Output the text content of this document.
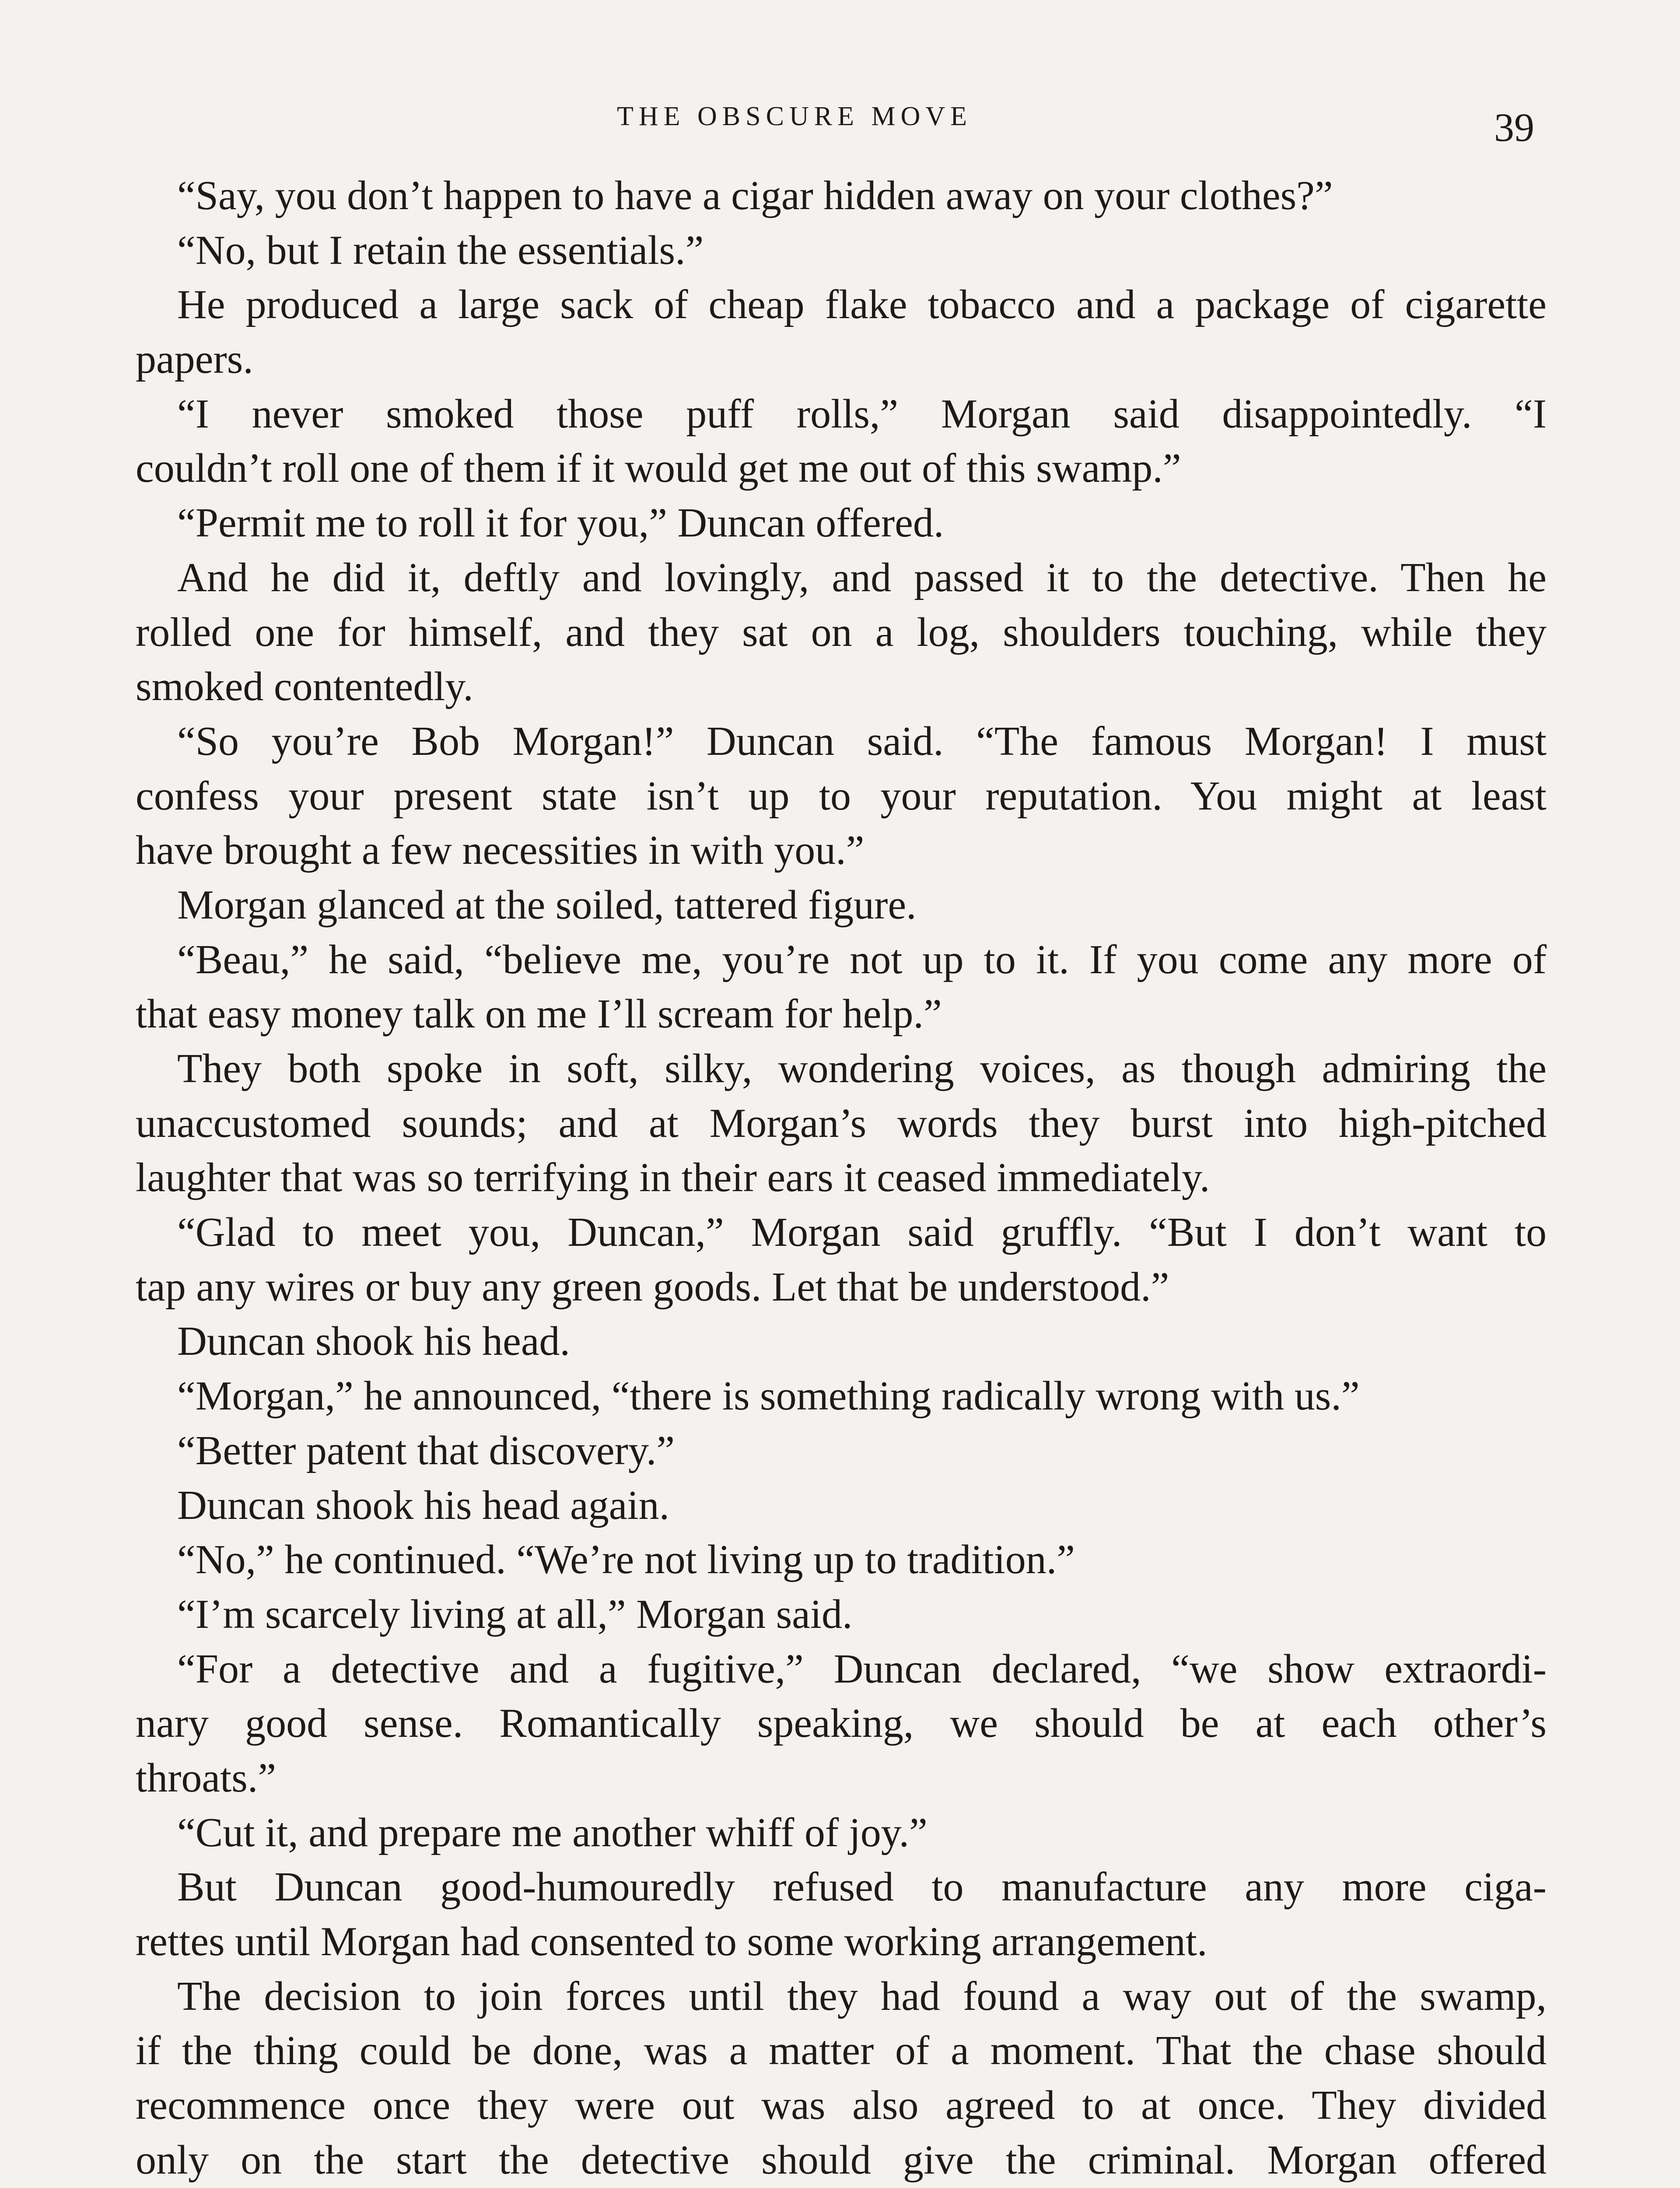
THE OBSCURE MOVE	39
“Say, you don’t happen to have a cigar hidden away on your clothes?”
“No, but I retain the essentials.”
He produced a large sack of cheap flake tobacco and a package of cigarette
papers.
“I never smoked those puff rolls,” Morgan said disappointedly. “I
couldn’t roll one of them if it would get me out of this swamp.”
“Permit me to roll it for you,” Duncan offered.
And he did it, deftly and lovingly, and passed it to the detective. Then he
rolled one for himself, and they sat on a log, shoulders touching, while they
smoked contentedly.
“So you’re Bob Morgan!” Duncan said. “The famous Morgan! I must
confess your present state isn’t up to your reputation. You might at least
have brought a few necessities in with you.”
Morgan glanced at the soiled, tattered figure.
“Beau,” he said, “believe me, you’re not up to it. If you come any more of
that easy money talk on me I’ll scream for help.”
They both spoke in soft, silky, wondering voices, as though admiring the
unaccustomed sounds; and at Morgan’s words they burst into high-pitched
laughter that was so terrifying in their ears it ceased immediately.
“Glad to meet you, Duncan,” Morgan said gruffly. “But I don’t want to
tap any wires or buy any green goods. Let that be understood.”
Duncan shook his head.
“Morgan,” he announced, “there is something radically wrong with us.”
“Better patent that discovery.”
Duncan shook his head again.
“No,” he continued. “We’re not living up to tradition.”
“I’m scarcely living at all,” Morgan said.
“For a detective and a fugitive,” Duncan declared, “we show extraordi-
nary good sense. Romantically speaking, we should be at each other’s
throats.”
“Cut it, and prepare me another whiff of joy.”
But Duncan good-humouredly refused to manufacture any more ciga-
rettes until Morgan had consented to some working arrangement.
The decision to join forces until they had found a way out of the swamp,
if the thing could be done, was a matter of a moment. That the chase should
recommence once they were out was also agreed to at once. They divided
only on the start the detective should give the criminal. Morgan offered
